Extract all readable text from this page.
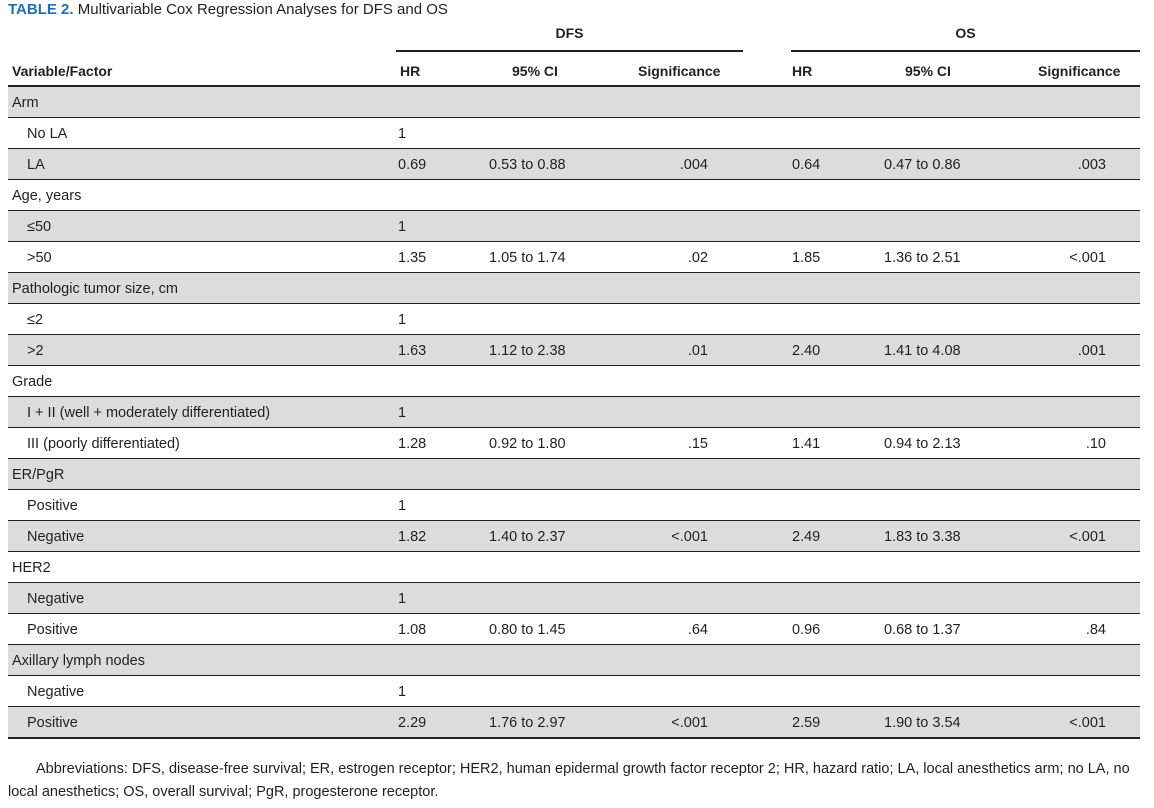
TABLE 2. Multivariable Cox Regression Analyses for DFS and OS
DFS	OS
Variable/Factor	HR	95% CI	Significance	HR	95% CI	Significance
Arm
No LA	1
LA	0.69	0.53 to 0.88	.004	0.64	0.47 to 0.86	.003
Age, years
≤50	1
>50	1.35	1.05 to 1.74	.02	1.85	1.36 to 2.51	<.001
Pathologic tumor size, cm
≤2	1
>2	1.63	1.12 to 2.38	.01	2.40	1.41 to 4.08	.001
Grade
I + II (well + moderately differentiated)	1
III (poorly differentiated)	1.28	0.92 to 1.80	.15	1.41	0.94 to 2.13	.10
ER/PgR
Positive	1
Negative	1.82	1.40 to 2.37	<.001	2.49	1.83 to 3.38	<.001
HER2
Negative	1
Positive	1.08	0.80 to 1.45	.64	0.96	0.68 to 1.37	.84
Axillary lymph nodes
Negative	1
Positive	2.29	1.76 to 2.97	<.001	2.59	1.90 to 3.54	<.001
Abbreviations: DFS, disease-free survival; ER, estrogen receptor; HER2, human epidermal growth factor receptor 2; HR, hazard ratio; LA, local anesthetics arm; no LA, no local anesthetics; OS, overall survival; PgR, progesterone receptor.
